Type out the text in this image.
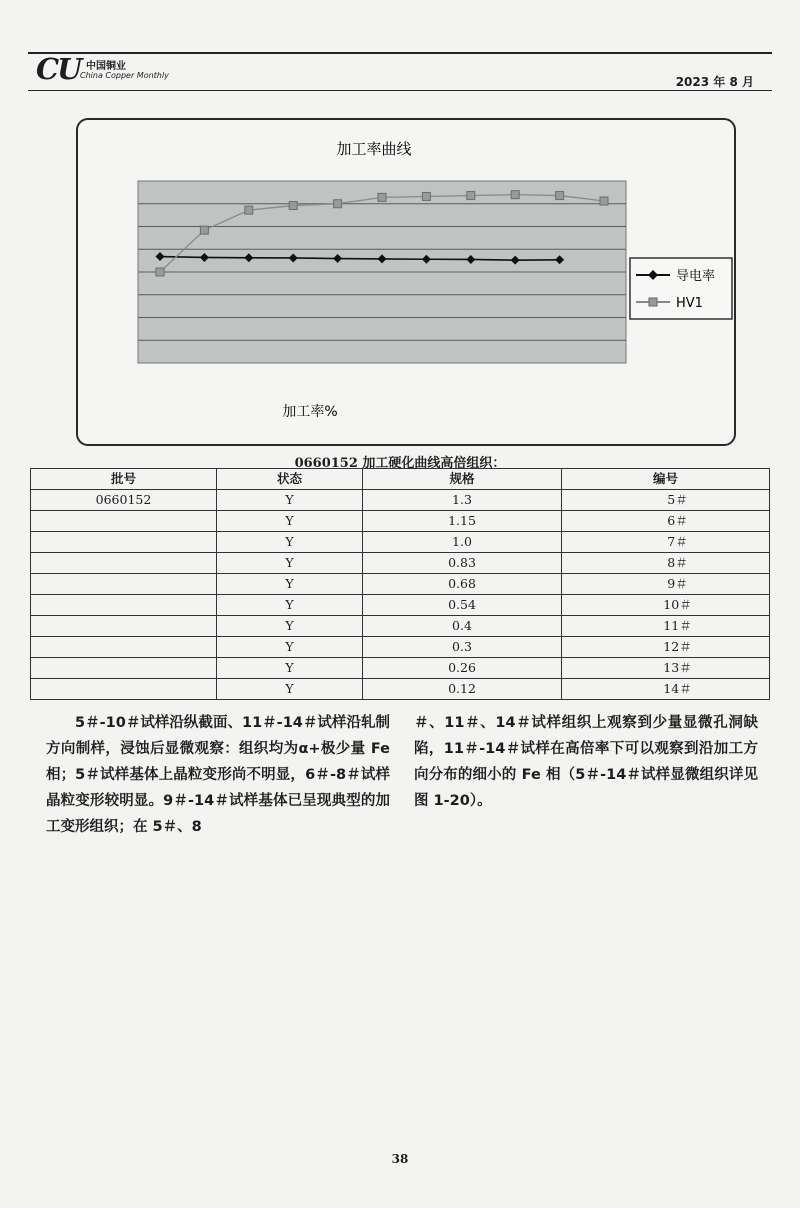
CU 中国铜业
China Copper Monthly	2023 年 8 月
加工率曲线
加工率%
导电率
HV1
0660152 加工硬化曲线高倍组织：
批号	状态	规格	编号
0660152	Y	1.3	5＃
	Y	1.15	6＃
	Y	1.0	7＃
	Y	0.83	8＃
	Y	0.68	9＃
	Y	0.54	10＃
	Y	0.4	11＃
	Y	0.3	12＃
	Y	0.26	13＃
	Y	0.12	14＃
5＃-10＃试样沿纵截面、11＃-14＃试样沿轧制方向制样，浸蚀后显微观察：组织均为α+极少量 Fe 相；5＃试样基体上晶粒变形尚不明显，6＃-8＃试样晶粒变形较明显。9＃-14＃试样基体已呈现典型的加工变形组织；在 5＃、8
＃、11＃、14＃试样组织上观察到少量显微孔洞缺陷，11＃-14＃试样在高倍率下可以观察到沿加工方向分布的细小的 Fe 相（5＃-14＃试样显微组织详见图 1-20）。
38
